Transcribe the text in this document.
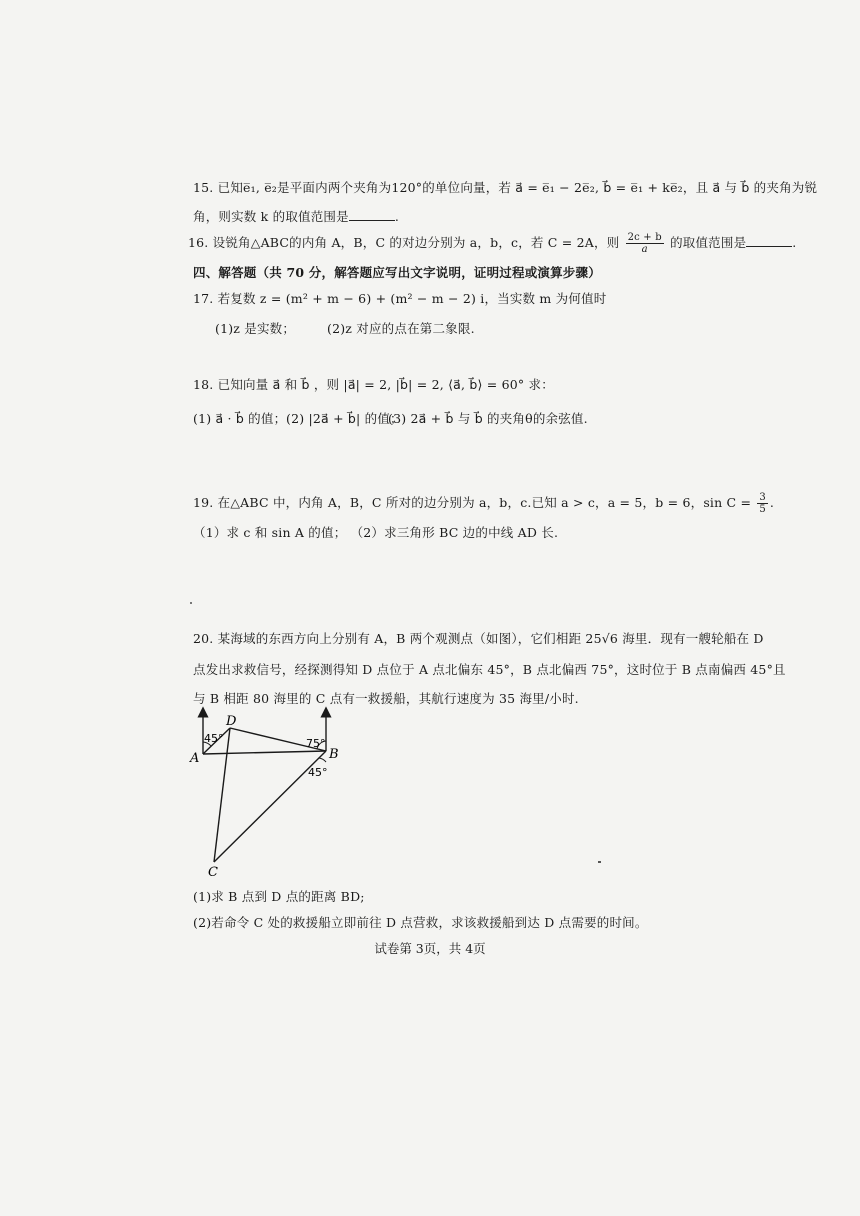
15. 已知e̅₁, e̅₂是平面内两个夹角为120°的单位向量，若 a⃗ = e̅₁ − 2e̅₂, b⃗ = e̅₁ + ke̅₂，且 a⃗ 与 b⃗ 的夹角为锐
角，则实数 k 的取值范围是	.
16. 设锐角△ABC的内角 A，B，C 的对边分别为 a，b，c，若 C = 2A，则 $\frac{2c + b}{a}$ 的取值范围是	.
四、解答题（共 70 分，解答题应写出文字说明，证明过程或演算步骤）
17. 若复数 z = (m² + m − 6) + (m² − m − 2) i，当实数 m 为何值时
(1)z 是实数；	(2)z 对应的点在第二象限.
18. 已知向量 a⃗ 和 b⃗ ，则 |a⃗| = 2, |b⃗| = 2, ⟨a⃗, b⃗⟩ = 60° 求：
(1) a⃗ · b⃗ 的值； (2) |2a⃗ + b⃗| 的值；
(3) 2a⃗ + b⃗ 与 b⃗ 的夹角θ的余弦值.
19. 在△ABC 中，内角 A，B，C 所对的边分别为 a，b，c.已知 a > c，a = 5，b = 6，$\sin C = \frac{3}{5}$ .
（1）求 c 和 sin A 的值； （2）求三角形 BC 边的中线 AD 长.
20. 某海域的东西方向上分别有 A，B 两个观测点（如图），它们相距 25√6 海里．现有一艘轮船在 D
点发出求救信号，经探测得知 D 点位于 A 点北偏东 45°，B 点北偏西 75°，这时位于 B 点南偏西 45°且
与 B 相距 80 海里的 C 点有一救援船，其航行速度为 35 海里/小时.
A
D
B
C
45°	75°
45°
(1)求 B 点到 D 点的距离 BD;
(2)若命令 C 处的救援船立即前往 D 点营救，求该救援船到达 D 点需要的时间。
试卷第 3页，共 4页
